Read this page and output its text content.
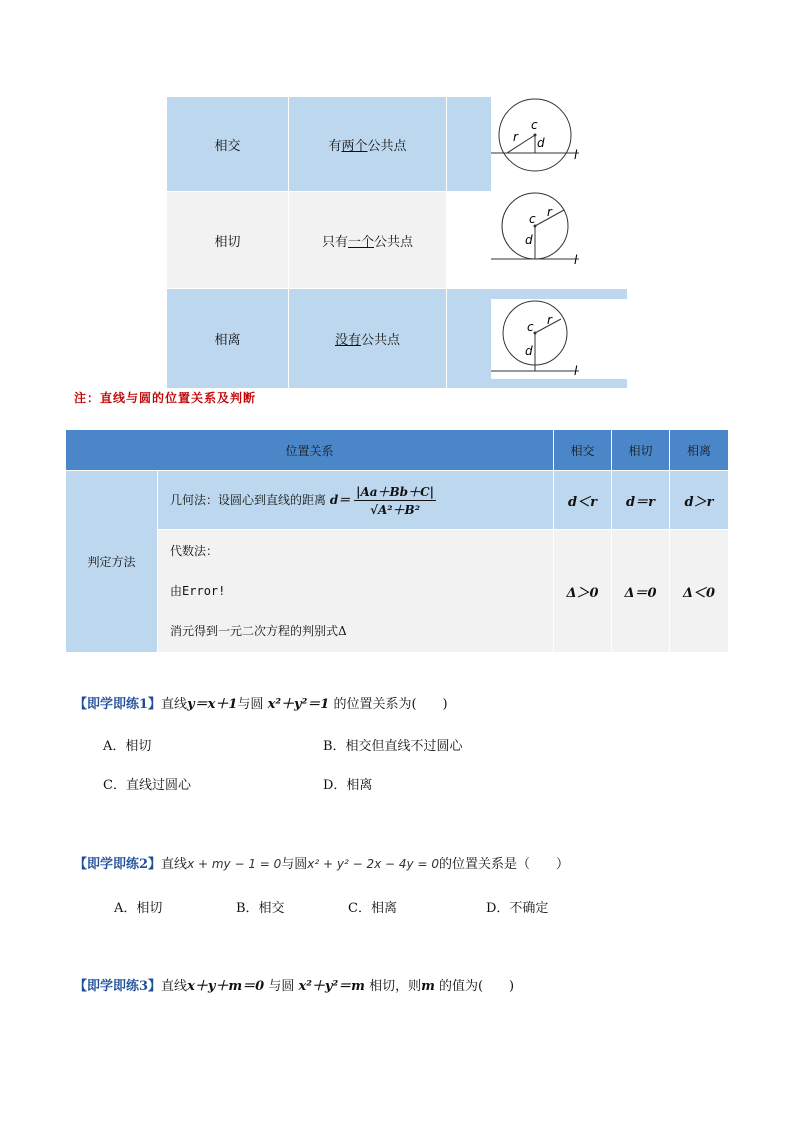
相交	有两个公共点	c
r d
l

相切	只有一个公共点	c r
d
l

相离	没有公共点	c r
d
l
注：直线与圆的位置关系及判断
位置关系		相交	相切	相离
判定方法	几何法：设圆心到直线的距离 $d= \frac{|Aa+Bb+C|}{\text{√A²＋B²}}$	d＜r	d＝r	d＞r

	代数法：
由Error!
消元得到一元二次方程的判别式Δ	Δ＞0	Δ＝0	Δ＜0
【即学即练1】直线y＝x＋1与圆 x²＋y²＝1 的位置关系为(　　)
A．相切	B．相交但直线不过圆心
C．直线过圆心	D．相离
【即学即练2】直线x + my − 1 = 0与圆x² + y² − 2x − 4y = 0的位置关系是（　　）
A．相切	B．相交	C．相离	D．不确定
【即学即练3】直线x＋y＋m＝0 与圆 x²＋y²＝m 相切，则m 的值为(　　)
